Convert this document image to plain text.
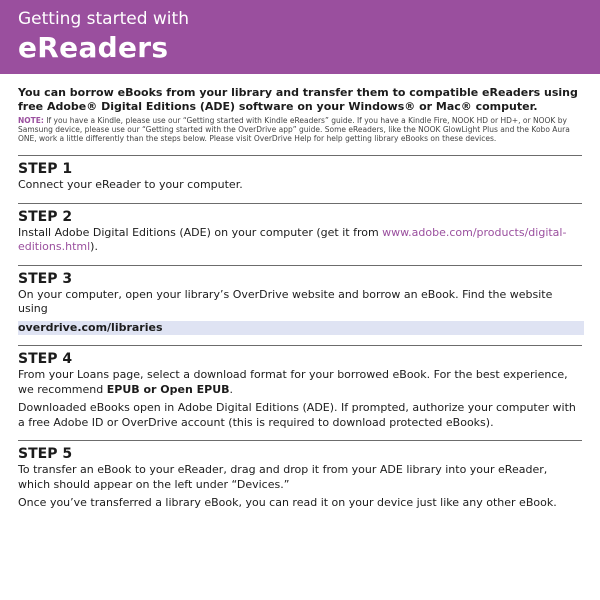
Getting started with
eReaders

You can borrow eBooks from your library and transfer them to compatible eReaders using free Adobe® Digital Editions (ADE) software on your Windows® or Mac® computer.

NOTE: If you have a Kindle, please use our “Getting started with Kindle eReaders” guide. If you have a Kindle Fire, NOOK HD or HD+, or NOOK by Samsung device, please use our “Getting started with the OverDrive app” guide. Some eReaders, like the NOOK GlowLight Plus and the Kobo Aura ONE, work a little differently than the steps below. Please visit OverDrive Help for help getting library eBooks on these devices.

STEP 1

Connect your eReader to your computer.

STEP 2

Install Adobe Digital Editions (ADE) on your computer (get it from www.adobe.com/products/digital-editions.html).

STEP 3

On your computer, open your library’s OverDrive website and borrow an eBook. Find the website using

overdrive.com/libraries
STEP 4

From your Loans page, select a download format for your borrowed eBook. For the best experience, we recommend EPUB or Open EPUB.

Downloaded eBooks open in Adobe Digital Editions (ADE). If prompted, authorize your computer with a free Adobe ID or OverDrive account (this is required to download protected eBooks).

STEP 5

To transfer an eBook to your eReader, drag and drop it from your ADE library into your eReader, which should appear on the left under “Devices.”

Once you’ve transferred a library eBook, you can read it on your device just like any other eBook.
